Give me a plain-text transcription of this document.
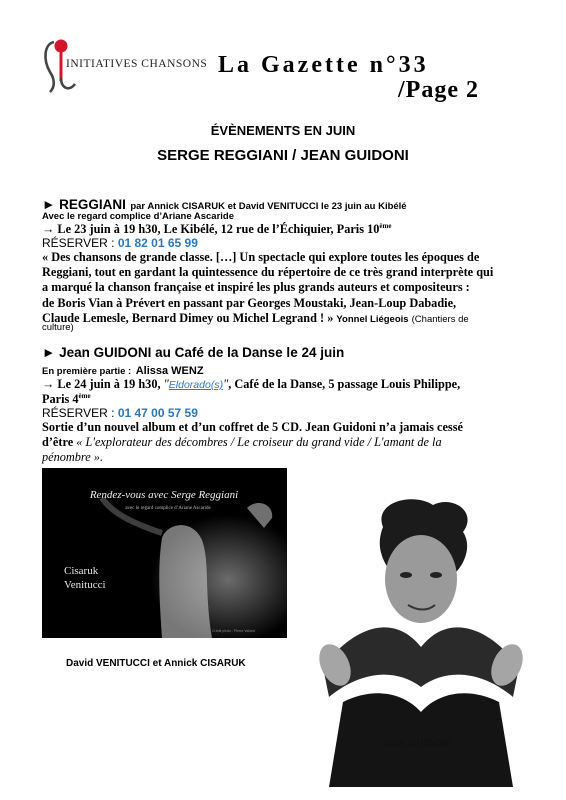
INITIATIVES CHANSONS La Gazette n°33
/Page 2
ÉVÈNEMENTS EN JUIN
SERGE REGGIANI / JEAN GUIDONI
► REGGIANI par Annick CISARUK et David VENITUCCI le 23 juin au Kibélé
Avec le regard complice d’Ariane Ascaride
→ Le 23 juin à 19 h30, Le Kibélé, 12 rue de l’Échiquier, Paris 10ème
RÉSERVER : 01 82 01 65 99
« Des chansons de grande classe. […] Un spectacle qui explore toutes les époques de
Reggiani, tout en gardant la quintessence du répertoire de ce très grand interprète qui
a marqué la chanson française et inspiré les plus grands auteurs et compositeurs :
de Boris Vian à Prévert en passant par Georges Moustaki, Jean-Loup Dabadie,
Claude Lemesle, Bernard Dimey ou Michel Legrand ! » Yonnel Liégeois (Chantiers de
culture)
► Jean GUIDONI au Café de la Danse le 24 juin
En première partie : Alissa WENZ
→ Le 24 juin à 19 h30, "Eldorado(s)", Café de la Danse, 5 passage Louis Philippe,
Paris 4ème
RÉSERVER : 01 47 00 57 59
Sortie d’un nouvel album et d’un coffret de 5 CD. Jean Guidoni n’a jamais cessé
d’être « L'explorateur des décombres / Le croiseur du grand vide / L'amant de la
pénombre ».
Rendez-vous avec Serge Reggiani
avec le regard complice d’Ariane Ascaride
Cisaruk
Venitucci
Crédit photo : Pierre Vallard
David VENITUCCI et Annick CISARUK
Jean GUIDONI
